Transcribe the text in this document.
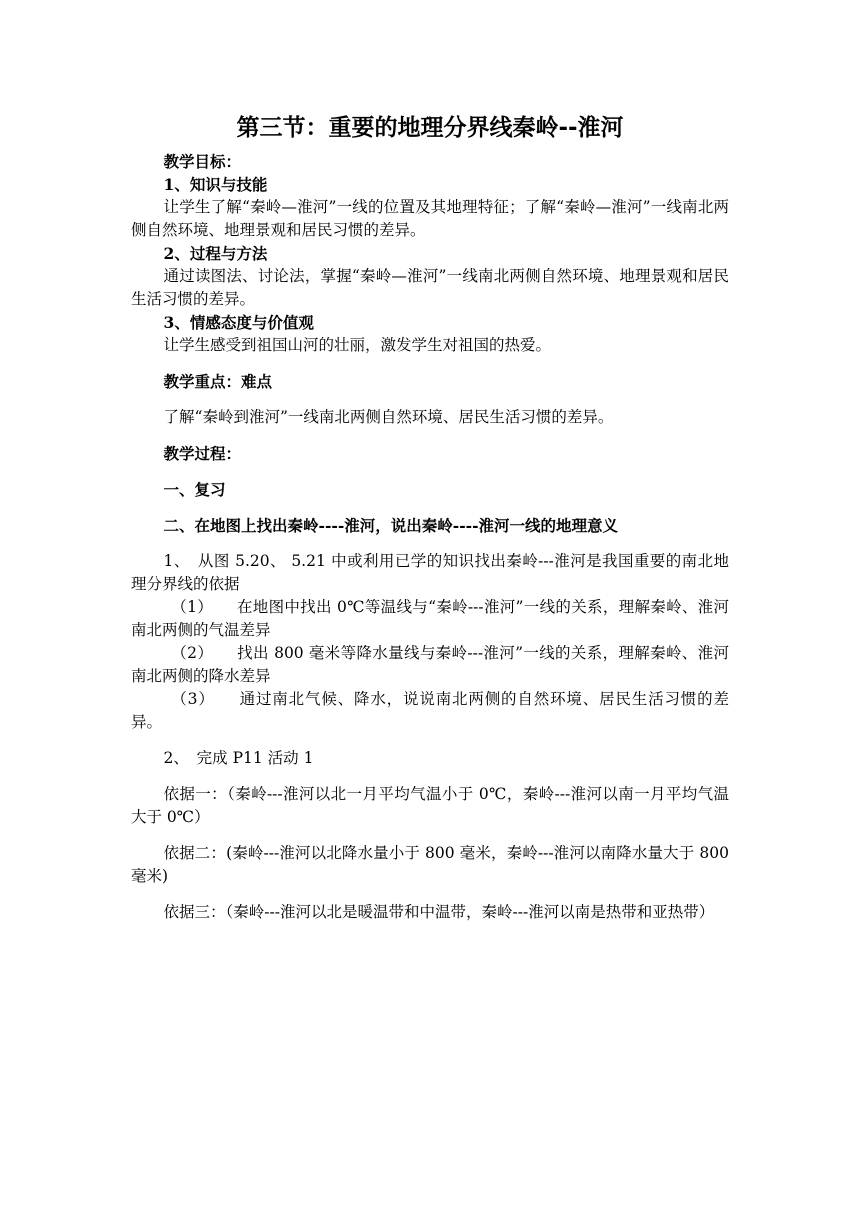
第三节：重要的地理分界线秦岭--淮河

教学目标：

1、知识与技能

让学生了解“秦岭—淮河”一线的位置及其地理特征；了解“秦岭—淮河”一线南北两侧自然环境、地理景观和居民习惯的差异。

2、过程与方法

通过读图法、讨论法，掌握“秦岭—淮河”一线南北两侧自然环境、地理景观和居民生活习惯的差异。

3、情感态度与价值观

让学生感受到祖国山河的壮丽，激发学生对祖国的热爱。

教学重点：难点

了解“秦岭到淮河”一线南北两侧自然环境、居民生活习惯的差异。

教学过程：

一、复习

二、在地图上找出秦岭----淮河，说出秦岭----淮河一线的地理意义

1、　从图 5.20、 5.21 中或利用已学的知识找出秦岭---淮河是我国重要的南北地理分界线的依据

（1）　　在地图中找出 0℃等温线与“秦岭---淮河”一线的关系，理解秦岭、淮河南北两侧的气温差异

（2）　　找出 800 毫米等降水量线与秦岭---淮河”一线的关系，理解秦岭、淮河南北两侧的降水差异

（3）　　通过南北气候、降水，说说南北两侧的自然环境、居民生活习惯的差异。

2、　完成 P11 活动 1

依据一：（秦岭---淮河以北一月平均气温小于 0℃，秦岭---淮河以南一月平均气温大于 0℃）

依据二：(秦岭---淮河以北降水量小于 800 毫米，秦岭---淮河以南降水量大于 800 毫米)

依据三：（秦岭---淮河以北是暖温带和中温带，秦岭---淮河以南是热带和亚热带）
